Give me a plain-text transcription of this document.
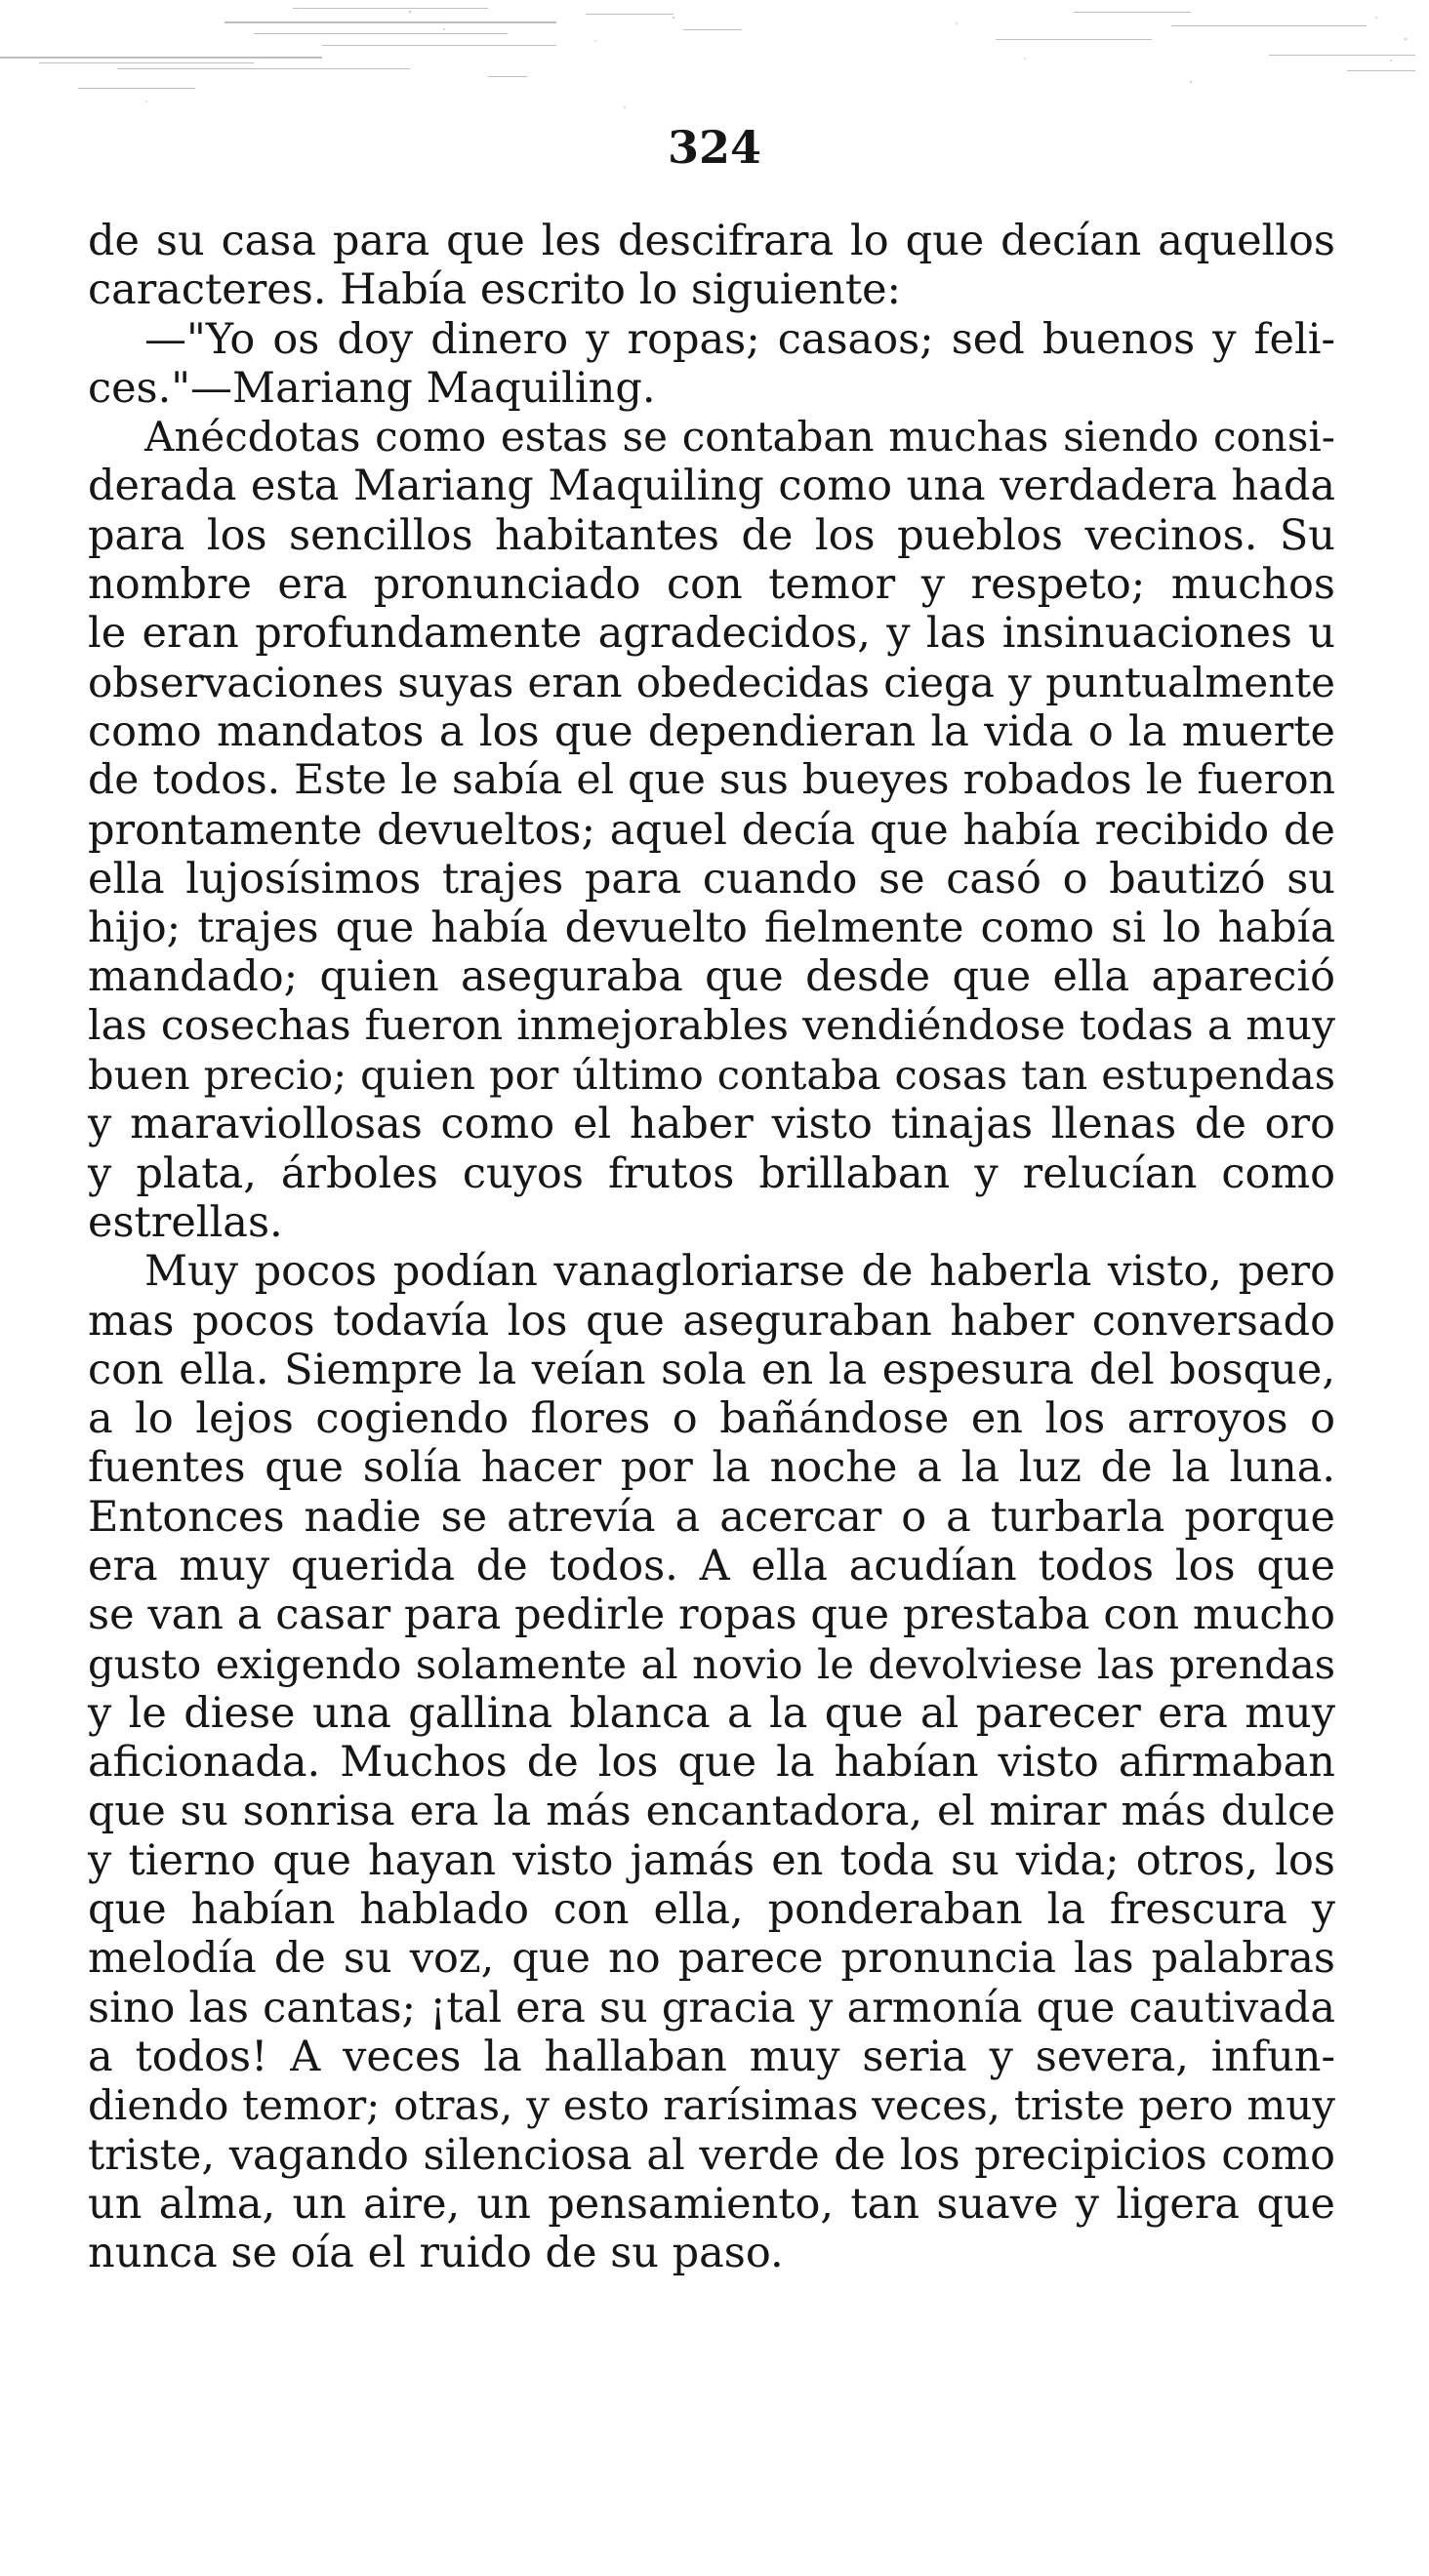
324
de su casa para que les descifrara lo que decían aquellos
caracteres. Había escrito lo siguiente:
—"Yo os doy dinero y ropas; casaos; sed buenos y feli-
ces."—Mariang Maquiling.
Anécdotas como estas se contaban muchas siendo consi-
derada esta Mariang Maquiling como una verdadera hada
para los sencillos habitantes de los pueblos vecinos. Su
nombre era pronunciado con temor y respeto; muchos
le eran profundamente agradecidos, y las insinuaciones u
observaciones suyas eran obedecidas ciega y puntualmente
como mandatos a los que dependieran la vida o la muerte
de todos. Este le sabía el que sus bueyes robados le fueron
prontamente devueltos; aquel decía que había recibido de
ella lujosísimos trajes para cuando se casó o bautizó su
hijo; trajes que había devuelto fielmente como si lo había
mandado; quien aseguraba que desde que ella apareció
las cosechas fueron inmejorables vendiéndose todas a muy
buen precio; quien por último contaba cosas tan estupendas
y maraviollosas como el haber visto tinajas llenas de oro
y plata, árboles cuyos frutos brillaban y relucían como
estrellas.
Muy pocos podían vanagloriarse de haberla visto, pero
mas pocos todavía los que aseguraban haber conversado
con ella. Siempre la veían sola en la espesura del bosque,
a lo lejos cogiendo flores o bañándose en los arroyos o
fuentes que solía hacer por la noche a la luz de la luna.
Entonces nadie se atrevía a acercar o a turbarla porque
era muy querida de todos. A ella acudían todos los que
se van a casar para pedirle ropas que prestaba con mucho
gusto exigendo solamente al novio le devolviese las prendas
y le diese una gallina blanca a la que al parecer era muy
aficionada. Muchos de los que la habían visto afirmaban
que su sonrisa era la más encantadora, el mirar más dulce
y tierno que hayan visto jamás en toda su vida; otros, los
que habían hablado con ella, ponderaban la frescura y
melodía de su voz, que no parece pronuncia las palabras
sino las cantas; ¡tal era su gracia y armonía que cautivada
a todos! A veces la hallaban muy seria y severa, infun-
diendo temor; otras, y esto rarísimas veces, triste pero muy
triste, vagando silenciosa al verde de los precipicios como
un alma, un aire, un pensamiento, tan suave y ligera que
nunca se oía el ruido de su paso.
